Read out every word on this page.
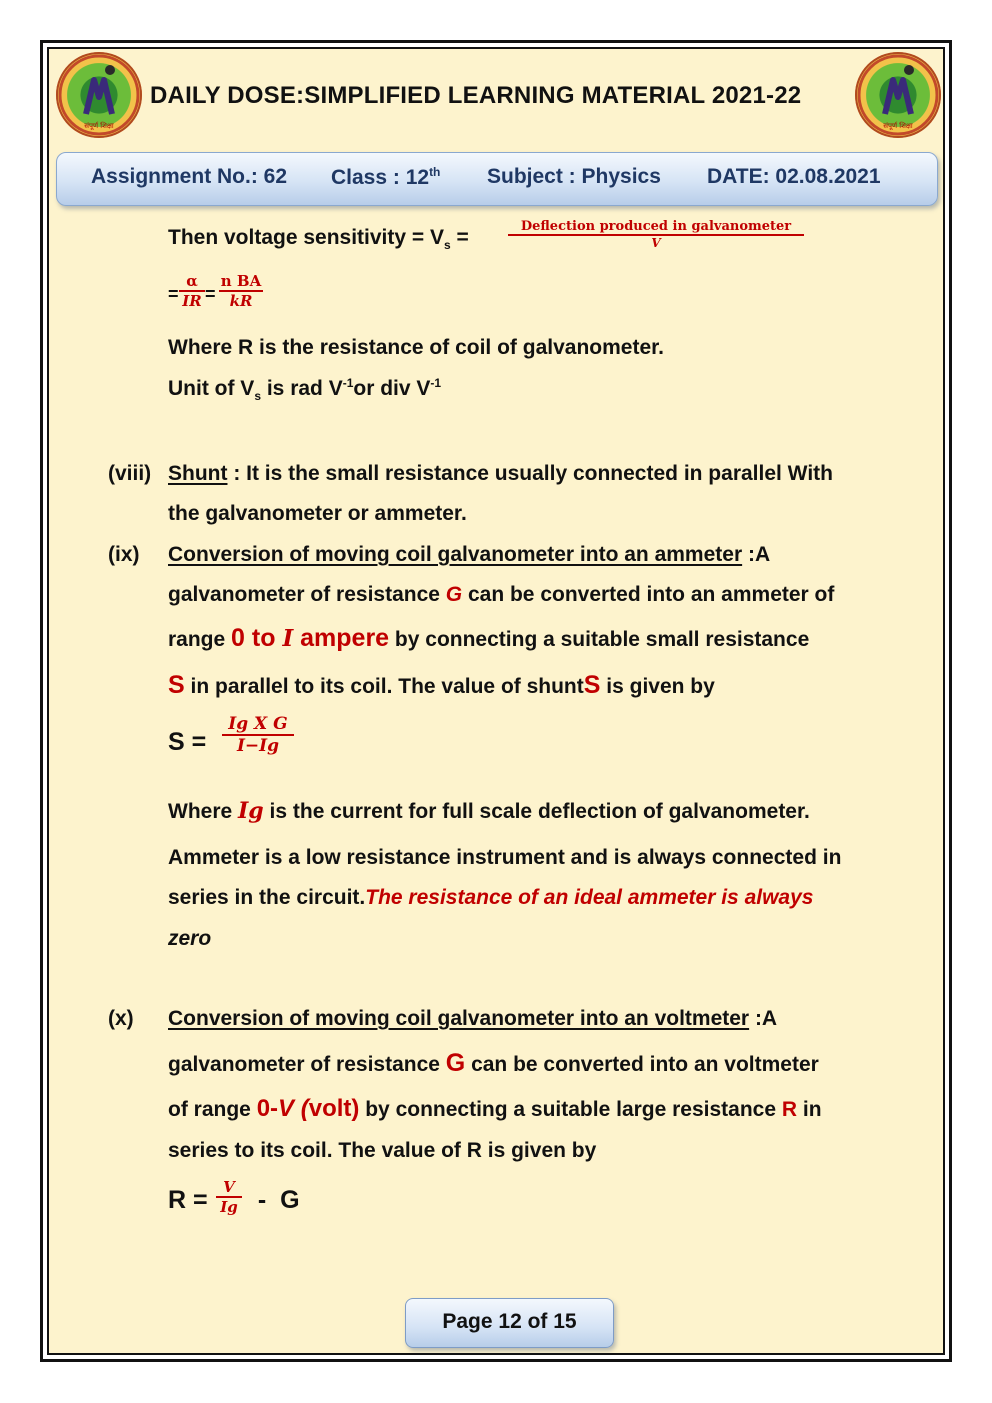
संपूर्ण शिक्षा	संपूर्ण शिक्षा
DAILY DOSE:SIMPLIFIED LEARNING MATERIAL 2021-22
Assignment No.: 62 Class : 12th Subject : Physics DATE: 02.08.2021
Then voltage sensitivity = $V_s$ =	Deflection produced in galvanometer
V
=
α
IR =
n BA
kR
Where R is the resistance of coil of galvanometer.
Unit of $V_s$ is rad $V^{-1}or$ div $V^{-1}$
(viii) Shunt : It is the small resistance usually connected in parallel With
the galvanometer or ammeter.
(ix) Conversion of moving coil galvanometer into an ammeter :A
galvanometer of resistance G can be converted into an ammeter of
range 0 to I ampere by connecting a suitable small resistance
S in parallel to its coil. The value of shuntS is given by
S =
Ig X G
I−Ig
Where Ig is the current for full scale deflection of galvanometer.
Ammeter is a low resistance instrument and is always connected in
series in the circuit.The resistance of an ideal ammeter is always
zero
(x) Conversion of moving coil galvanometer into an voltmeter :A
galvanometer of resistance G can be converted into an voltmeter
of range 0-V (volt) by connecting a suitable large resistance R in
series to its coil. The value of R is given by
R =	V
Ig -  G
Page 12 of 15
